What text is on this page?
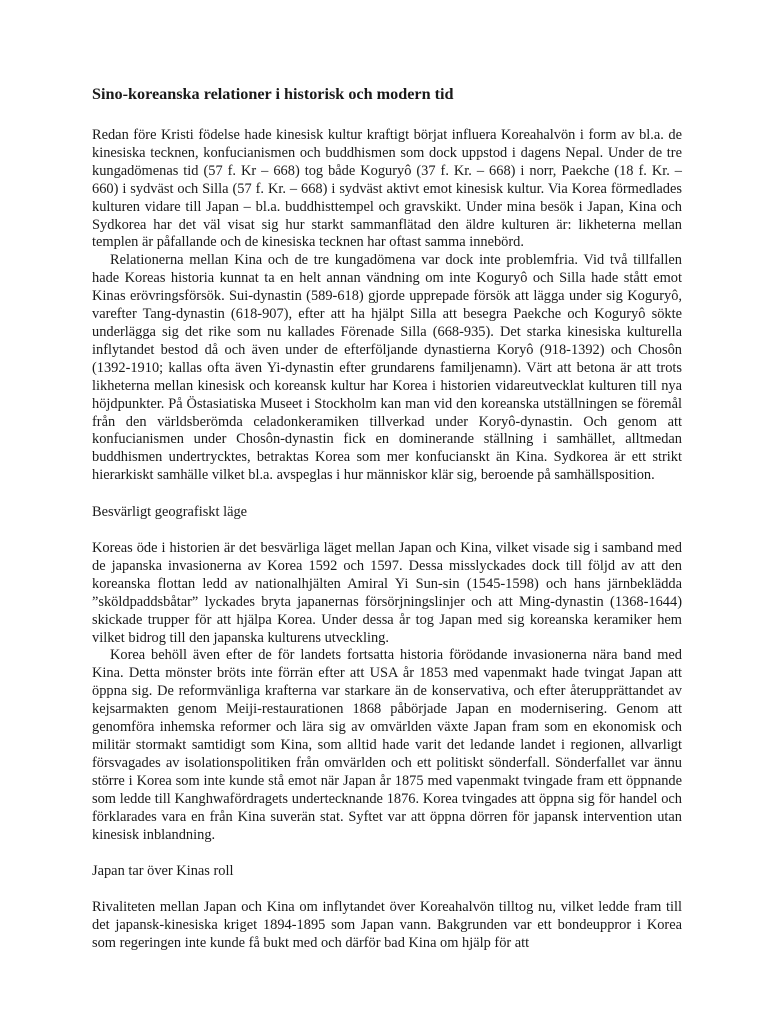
Sino-koreanska relationer i historisk och modern tid

Redan före Kristi födelse hade kinesisk kultur kraftigt börjat influera Koreahalvön i form av bl.a. de kinesiska tecknen, konfucianismen och buddhismen som dock uppstod i dagens Nepal. Under de tre kungadömenas tid (57 f. Kr – 668) tog både Koguryô (37 f. Kr. – 668) i norr, Paekche (18 f. Kr. – 660) i sydväst och Silla (57 f. Kr. – 668) i sydväst aktivt emot kinesisk kultur. Via Korea förmedlades kulturen vidare till Japan – bl.a. buddhisttempel och gravskikt. Under mina besök i Japan, Kina och Sydkorea har det väl visat sig hur starkt sammanflätad den äldre kulturen är: likheterna mellan templen är påfallande och de kinesiska tecknen har oftast samma innebörd.

Relationerna mellan Kina och de tre kungadömena var dock inte problemfria. Vid två tillfallen hade Koreas historia kunnat ta en helt annan vändning om inte Koguryô och Silla hade stått emot Kinas erövringsförsök. Sui-dynastin (589-618) gjorde upprepade försök att lägga under sig Koguryô, varefter Tang-dynastin (618-907), efter att ha hjälpt Silla att besegra Paekche och Koguryô sökte underlägga sig det rike som nu kallades Förenade Silla (668-935). Det starka kinesiska kulturella inflytandet bestod då och även under de efterföljande dynastierna Koryô (918-1392) och Chosôn (1392-1910; kallas ofta även Yi-dynastin efter grundarens familjenamn). Värt att betona är att trots likheterna mellan kinesisk och koreansk kultur har Korea i historien vidareutvecklat kulturen till nya höjdpunkter. På Östasiatiska Museet i Stockholm kan man vid den koreanska utställningen se föremål från den världsberömda celadonkeramiken tillverkad under Koryô-dynastin. Och genom att konfucianismen under Chosôn-dynastin fick en dominerande ställning i samhället, alltmedan buddhismen undertrycktes, betraktas Korea som mer konfucianskt än Kina. Sydkorea är ett strikt hierarkiskt samhälle vilket bl.a. avspeglas i hur människor klär sig, beroende på samhällsposition.

Besvärligt geografiskt läge

Koreas öde i historien är det besvärliga läget mellan Japan och Kina, vilket visade sig i samband med de japanska invasionerna av Korea 1592 och 1597. Dessa misslyckades dock till följd av att den koreanska flottan ledd av nationalhjälten Amiral Yi Sun-sin (1545-1598) och hans järnbeklädda ”sköldpaddsbåtar” lyckades bryta japanernas försörjningslinjer och att Ming-dynastin (1368-1644) skickade trupper för att hjälpa Korea. Under dessa år tog Japan med sig koreanska keramiker hem vilket bidrog till den japanska kulturens utveckling.

Korea behöll även efter de för landets fortsatta historia förödande invasionerna nära band med Kina. Detta mönster bröts inte förrän efter att USA år 1853 med vapenmakt hade tvingat Japan att öppna sig. De reformvänliga krafterna var starkare än de konservativa, och efter återupprättandet av kejsarmakten genom Meiji-restaurationen 1868 påbörjade Japan en modernisering. Genom att genomföra inhemska reformer och lära sig av omvärlden växte Japan fram som en ekonomisk och militär stormakt samtidigt som Kina, som alltid hade varit det ledande landet i regionen, allvarligt försvagades av isolationspolitiken från omvärlden och ett politiskt sönderfall. Sönderfallet var ännu större i Korea som inte kunde stå emot när Japan år 1875 med vapenmakt tvingade fram ett öppnande som ledde till Kanghwafördragets undertecknande 1876. Korea tvingades att öppna sig för handel och förklarades vara en från Kina suverän stat. Syftet var att öppna dörren för japansk intervention utan kinesisk inblandning.

Japan tar över Kinas roll

Rivaliteten mellan Japan och Kina om inflytandet över Koreahalvön tilltog nu, vilket ledde fram till det japansk-kinesiska kriget 1894-1895 som Japan vann. Bakgrunden var ett bondeuppror i Korea som regeringen inte kunde få bukt med och därför bad Kina om hjälp för att
